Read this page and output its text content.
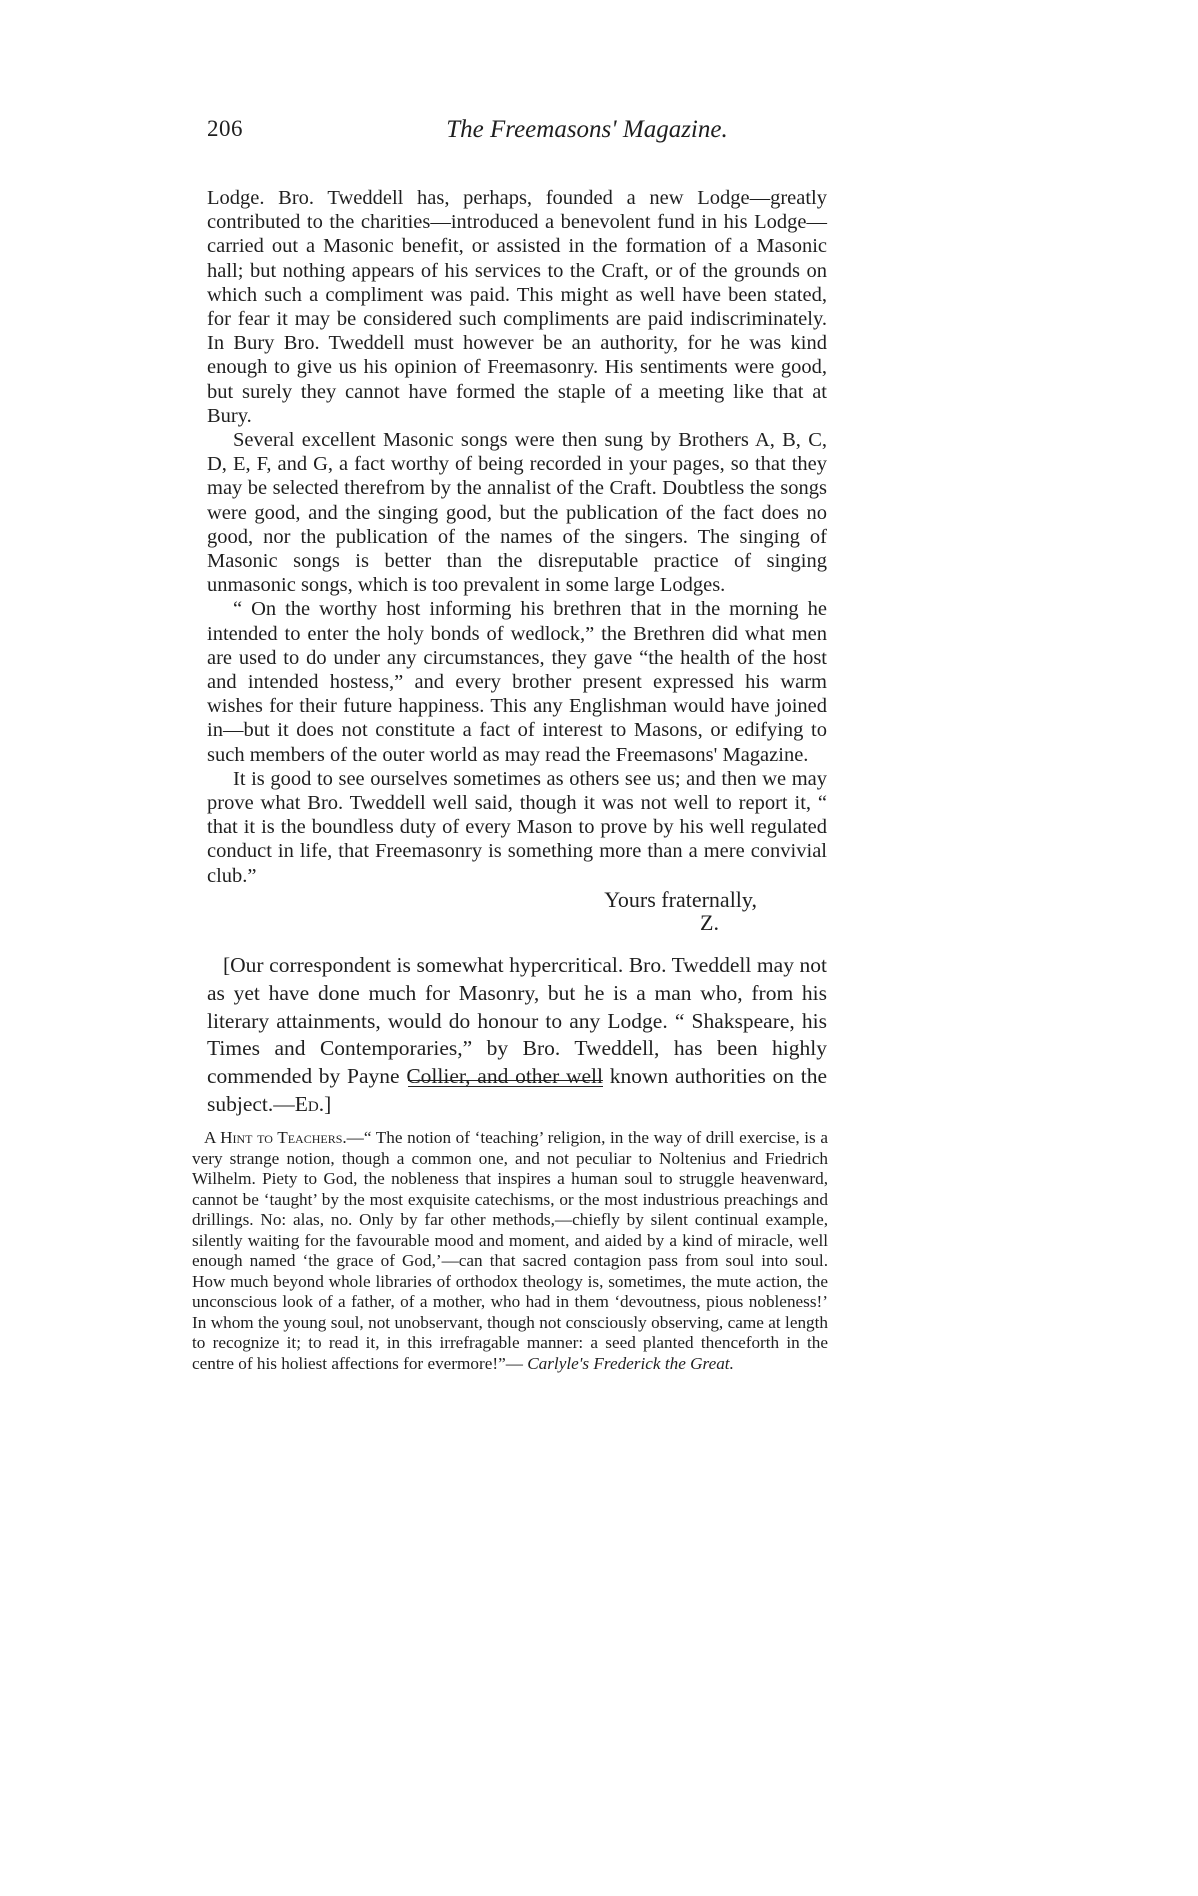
206	The Freemasons' Magazine.

Lodge. Bro. Tweddell has, perhaps, founded a new Lodge—greatly contributed to the charities—introduced a benevolent fund in his Lodge—carried out a Masonic benefit, or assisted in the formation of a Masonic hall; but nothing appears of his services to the Craft, or of the grounds on which such a compliment was paid. This might as well have been stated, for fear it may be considered such compliments are paid indiscriminately. In Bury Bro. Tweddell must however be an authority, for he was kind enough to give us his opinion of Freemasonry. His sentiments were good, but surely they cannot have formed the staple of a meeting like that at Bury.

Several excellent Masonic songs were then sung by Brothers A, B, C, D, E, F, and G, a fact worthy of being recorded in your pages, so that they may be selected therefrom by the annalist of the Craft. Doubtless the songs were good, and the singing good, but the publication of the fact does no good, nor the publication of the names of the singers. The singing of Masonic songs is better than the disreputable practice of singing unmasonic songs, which is too prevalent in some large Lodges.

“ On the worthy host informing his brethren that in the morning he intended to enter the holy bonds of wedlock,” the Brethren did what men are used to do under any circumstances, they gave “the health of the host and intended hostess,” and every brother present expressed his warm wishes for their future happiness. This any Englishman would have joined in—but it does not constitute a fact of interest to Masons, or edifying to such members of the outer world as may read the Freemasons' Magazine.

It is good to see ourselves sometimes as others see us; and then we may prove what Bro. Tweddell well said, though it was not well to report it, “ that it is the boundless duty of every Mason to prove by his well regulated conduct in life, that Freemasonry is something more than a mere convivial club.”

Yours fraternally,

Z.

[Our correspondent is somewhat hypercritical. Bro. Tweddell may not as yet have done much for Masonry, but he is a man who, from his literary attainments, would do honour to any Lodge. “ Shakspeare, his Times and Contemporaries,” by Bro. Tweddell, has been highly commended by Payne Collier, and other well known authorities on the subject.—Ed.]

A Hint to Teachers.—“ The notion of ‘teaching’ religion, in the way of drill exercise, is a very strange notion, though a common one, and not peculiar to Noltenius and Friedrich Wilhelm. Piety to God, the nobleness that inspires a human soul to struggle heavenward, cannot be ‘taught’ by the most exquisite catechisms, or the most industrious preachings and drillings. No: alas, no. Only by far other methods,—chiefly by silent continual example, silently waiting for the favourable mood and moment, and aided by a kind of miracle, well enough named ‘the grace of God,’—can that sacred contagion pass from soul into soul. How much beyond whole libraries of orthodox theology is, sometimes, the mute action, the unconscious look of a father, of a mother, who had in them ‘devoutness, pious nobleness!’ In whom the young soul, not unobservant, though not consciously observing, came at length to recognize it; to read it, in this irrefragable manner: a seed planted thenceforth in the centre of his holiest affections for evermore!”— Carlyle's Frederick the Great.
